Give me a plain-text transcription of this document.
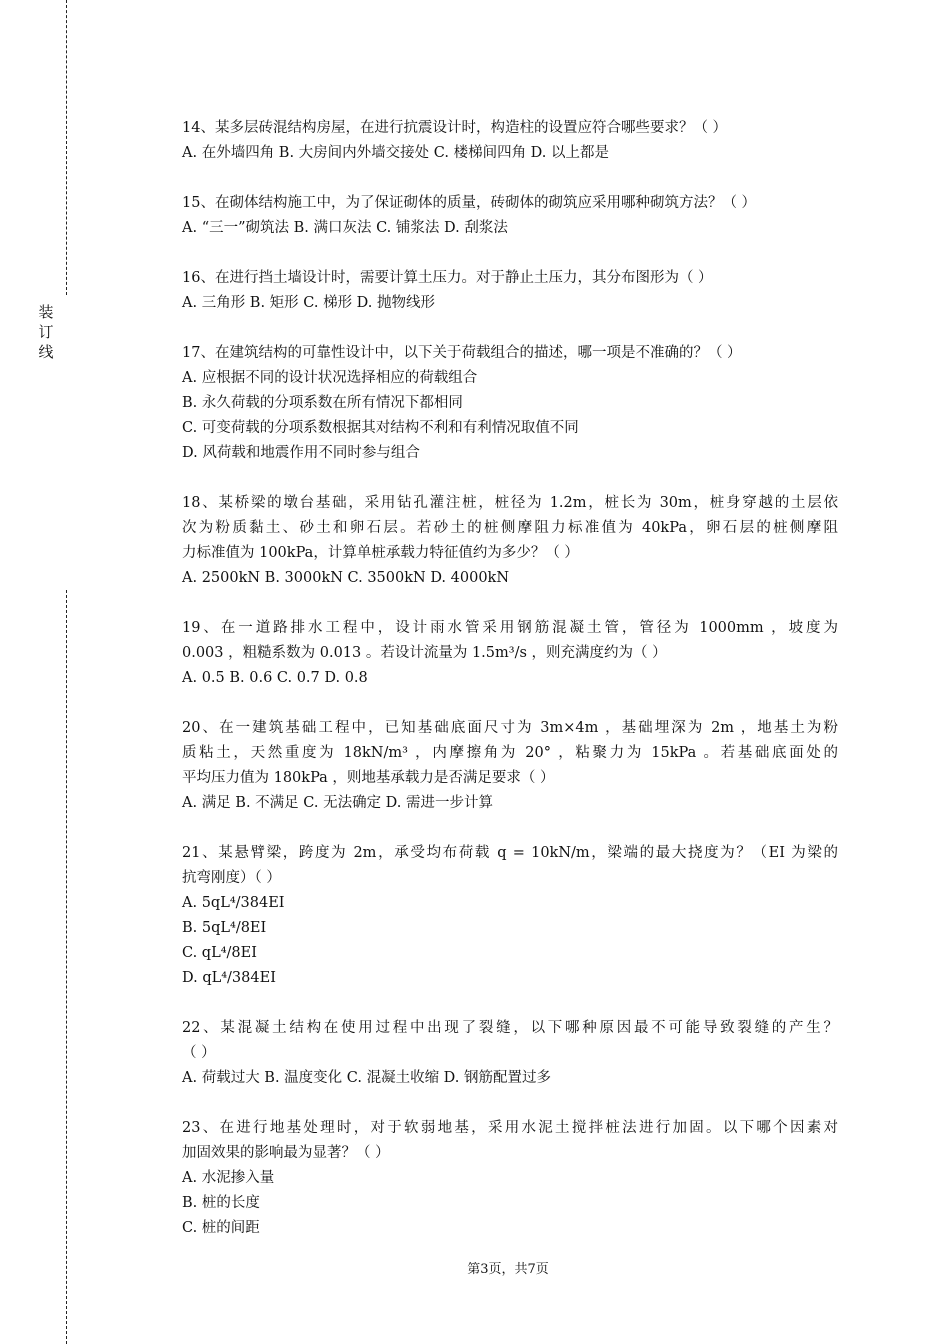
装订线
14、某多层砖混结构房屋，在进行抗震设计时，构造柱的设置应符合哪些要求？（ ）
A. 在外墙四角 B. 大房间内外墙交接处 C. 楼梯间四角 D. 以上都是
15、在砌体结构施工中，为了保证砌体的质量，砖砌体的砌筑应采用哪种砌筑方法？（ ）
A. “三一”砌筑法 B. 满口灰法 C. 铺浆法 D. 刮浆法
16、在进行挡土墙设计时，需要计算土压力。对于静止土压力，其分布图形为（ ）
A. 三角形 B. 矩形 C. 梯形 D. 抛物线形
17、在建筑结构的可靠性设计中，以下关于荷载组合的描述，哪一项是不准确的？（ ）
A. 应根据不同的设计状况选择相应的荷载组合
B. 永久荷载的分项系数在所有情况下都相同
C. 可变荷载的分项系数根据其对结构不利和有利情况取值不同
D. 风荷载和地震作用不同时参与组合
18、某桥梁的墩台基础，采用钻孔灌注桩，桩径为 1.2m，桩长为 30m，桩身穿越的土层依
次为粉质黏土、砂土和卵石层。若砂土的桩侧摩阻力标准值为 40kPa，卵石层的桩侧摩阻
力标准值为 100kPa，计算单桩承载力特征值约为多少？（ ）
A. 2500kN B. 3000kN C. 3500kN D. 4000kN
19、在一道路排水工程中，设计雨水管采用钢筋混凝土管，管径为 1000mm ，坡度为
0.003 ，粗糙系数为 0.013 。若设计流量为 1.5m³/s ，则充满度约为（ ）
A. 0.5 B. 0.6 C. 0.7 D. 0.8
20、在一建筑基础工程中，已知基础底面尺寸为 3m×4m ，基础埋深为 2m ，地基土为粉
质粘土，天然重度为 18kN/m³ ，内摩擦角为 20° ，粘聚力为 15kPa 。若基础底面处的
平均压力值为 180kPa ，则地基承载力是否满足要求（ ）
A. 满足 B. 不满足 C. 无法确定 D. 需进一步计算
21、某悬臂梁，跨度为 2m，承受均布荷载 q = 10kN/m，梁端的最大挠度为？（EI 为梁的
抗弯刚度）（ ）
A. 5qL⁴/384EI
B. 5qL⁴/8EI
C. qL⁴/8EI
D. qL⁴/384EI
22、某混凝土结构在使用过程中出现了裂缝，以下哪种原因最不可能导致裂缝的产生？
（ ）
A. 荷载过大 B. 温度变化 C. 混凝土收缩 D. 钢筋配置过多
23、在进行地基处理时，对于软弱地基，采用水泥土搅拌桩法进行加固。以下哪个因素对
加固效果的影响最为显著？（ ）
A. 水泥掺入量
B. 桩的长度
C. 桩的间距
第3页，共7页
